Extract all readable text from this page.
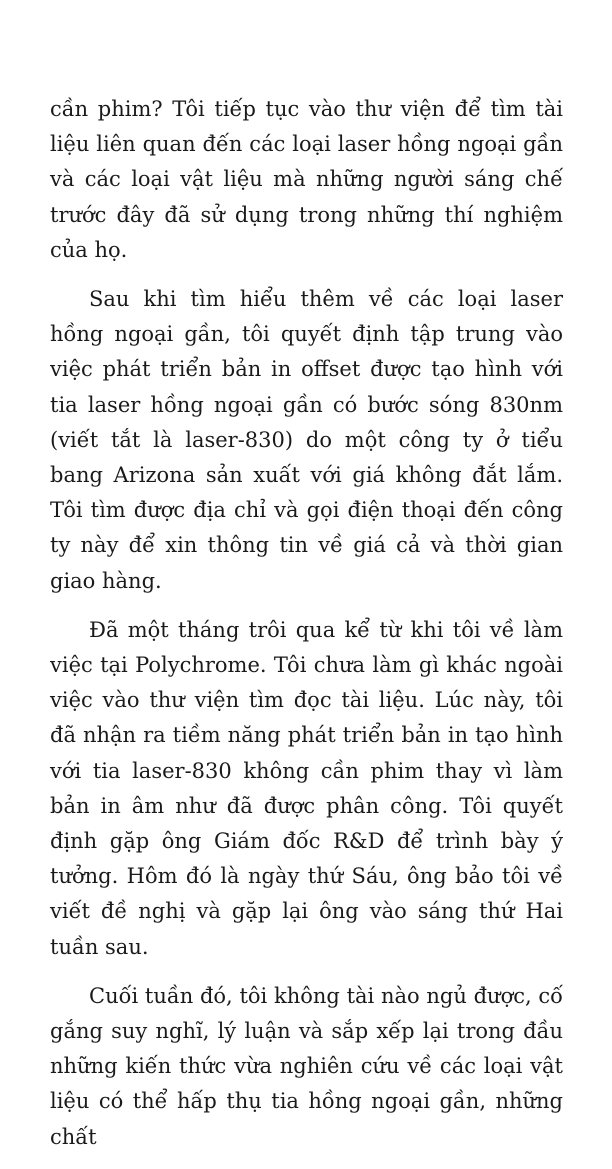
cần phim? Tôi tiếp tục vào thư viện để tìm tài liệu liên quan đến các loại laser hồng ngoại gần và các loại vật liệu mà những người sáng chế trước đây đã sử dụng trong những thí nghiệm của họ.

Sau khi tìm hiểu thêm về các loại laser hồng ngoại gần, tôi quyết định tập trung vào việc phát triển bản in offset được tạo hình với tia laser hồng ngoại gần có bước sóng 830nm (viết tắt là laser-830) do một công ty ở tiểu bang Arizona sản xuất với giá không đắt lắm. Tôi tìm được địa chỉ và gọi điện thoại đến công ty này để xin thông tin về giá cả và thời gian giao hàng.

Đã một tháng trôi qua kể từ khi tôi về làm việc tại Polychrome. Tôi chưa làm gì khác ngoài việc vào thư viện tìm đọc tài liệu. Lúc này, tôi đã nhận ra tiềm năng phát triển bản in tạo hình với tia laser-830 không cần phim thay vì làm bản in âm như đã được phân công. Tôi quyết định gặp ông Giám đốc R&D để trình bày ý tưởng. Hôm đó là ngày thứ Sáu, ông bảo tôi về viết đề nghị và gặp lại ông vào sáng thứ Hai tuần sau.

Cuối tuần đó, tôi không tài nào ngủ được, cố gắng suy nghĩ, lý luận và sắp xếp lại trong đầu những kiến thức vừa nghiên cứu về các loại vật liệu có thể hấp thụ tia hồng ngoại gần, những chất
